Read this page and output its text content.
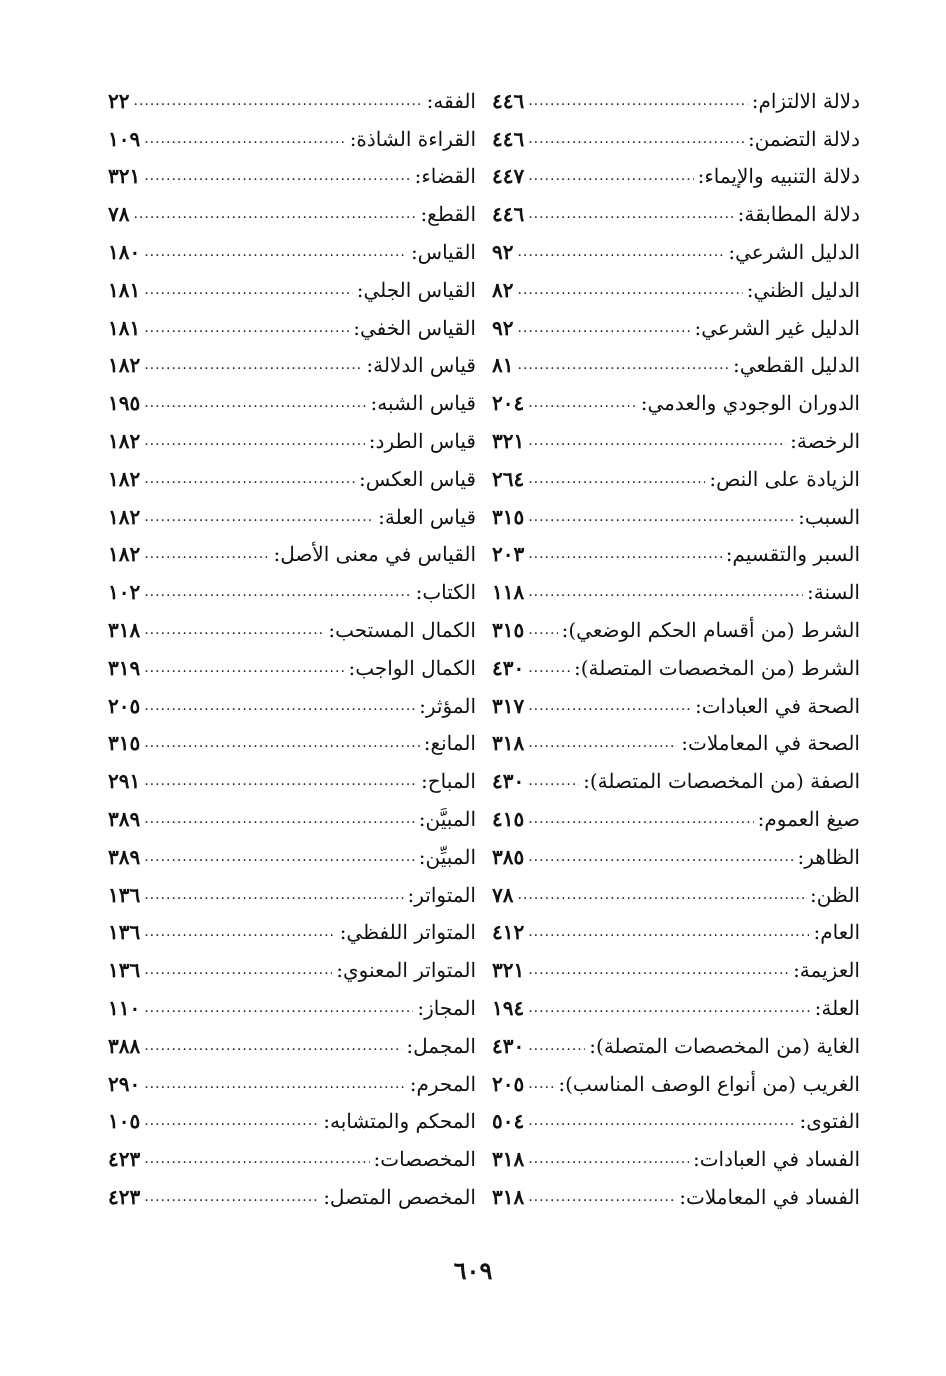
دلالة الالتزام:
.....
٤٤٦
دلالة التضمن:
.....
٤٤٦
دلالة التنبيه والإيماء:
.....
٤٤٧
دلالة المطابقة:
.....
٤٤٦
الدليل الشرعي:
.....
٩٢
الدليل الظني:
.....
٨٢
الدليل غير الشرعي:
.....
٩٢
الدليل القطعي:
.....
٨١
الدوران الوجودي والعدمي:
.....
٢٠٤
الرخصة:
.....
٣٢١
الزيادة على النص:
.....
٢٦٤
السبب:
.....
٣١٥
السبر والتقسيم:
.....
٢٠٣
السنة:
.....
١١٨
الشرط (من أقسام الحكم الوضعي):
.....
٣١٥
الشرط (من المخصصات المتصلة):
.....
٤٣٠
الصحة في العبادات:
.....
٣١٧
الصحة في المعاملات:
.....
٣١٨
الصفة (من المخصصات المتصلة):
.....
٤٣٠
صيغ العموم:
.....
٤١٥
الظاهر:
.....
٣٨٥
الظن:
.....
٧٨
العام:
.....
٤١٢
العزيمة:
.....
٣٢١
العلة:
.....
١٩٤
الغاية (من المخصصات المتصلة):
.....
٤٣٠
الغريب (من أنواع الوصف المناسب):
.....
٢٠٥
الفتوى:
.....
٥٠٤
الفساد في العبادات:
.....
٣١٨
الفساد في المعاملات:
.....
٣١٨
الفقه:
.....
٢٢
القراءة الشاذة:
.....
١٠٩
القضاء:
.....
٣٢١
القطع:
.....
٧٨
القياس:
.....
١٨٠
القياس الجلي:
.....
١٨١
القياس الخفي:
.....
١٨١
قياس الدلالة:
.....
١٨٢
قياس الشبه:
.....
١٩٥
قياس الطرد:
.....
١٨٢
قياس العكس:
.....
١٨٢
قياس العلة:
.....
١٨٢
القياس في معنى الأصل:
.....
١٨٢
الكتاب:
.....
١٠٢
الكمال المستحب:
.....
٣١٨
الكمال الواجب:
.....
٣١٩
المؤثر:
.....
٢٠٥
المانع:
.....
٣١٥
المباح:
.....
٢٩١
المبيَّن:
.....
٣٨٩
المبيِّن:
.....
٣٨٩
المتواتر:
.....
١٣٦
المتواتر اللفظي:
.....
١٣٦
المتواتر المعنوي:
.....
١٣٦
المجاز:
.....
١١٠
المجمل:
.....
٣٨٨
المحرم:
.....
٢٩٠
المحكم والمتشابه:
.....
١٠٥
المخصصات:
.....
٤٢٣
المخصص المتصل:
.....
٤٢٣
٦٠٩
